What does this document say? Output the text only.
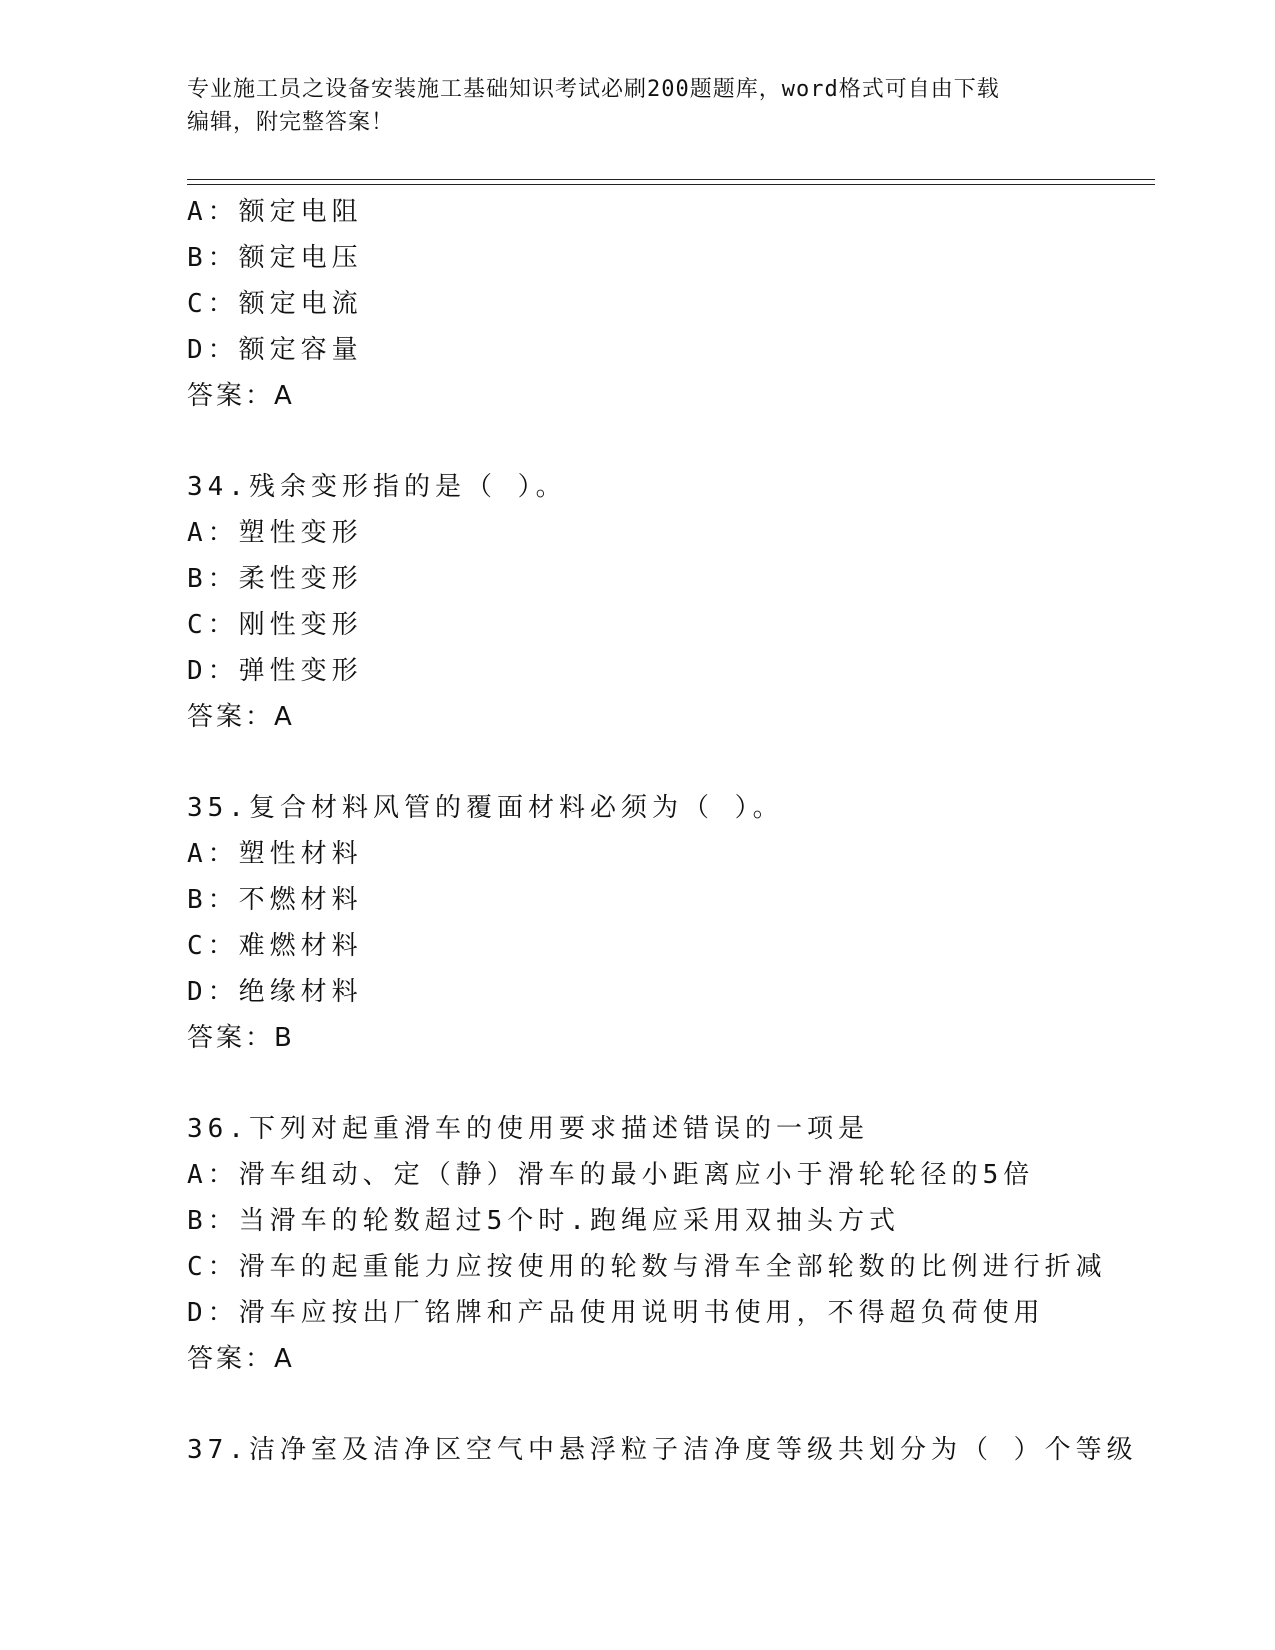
专业施工员之设备安装施工基础知识考试必刷200题题库，word格式可自由下载
编辑，附完整答案！
A：额定电阻
B：额定电压
C：额定电流
D：额定容量
答案：A
34.残余变形指的是（ ）。
A：塑性变形
B：柔性变形
C：刚性变形
D：弹性变形
答案：A
35.复合材料风管的覆面材料必须为（ ）。
A：塑性材料
B：不燃材料
C：难燃材料
D：绝缘材料
答案：B
36.下列对起重滑车的使用要求描述错误的一项是
A：滑车组动、定（静）滑车的最小距离应小于滑轮轮径的5倍
B：当滑车的轮数超过5个时.跑绳应采用双抽头方式
C：滑车的起重能力应按使用的轮数与滑车全部轮数的比例进行折减
D：滑车应按出厂铭牌和产品使用说明书使用，不得超负荷使用
答案：A
37.洁净室及洁净区空气中悬浮粒子洁净度等级共划分为（ ）个等级
